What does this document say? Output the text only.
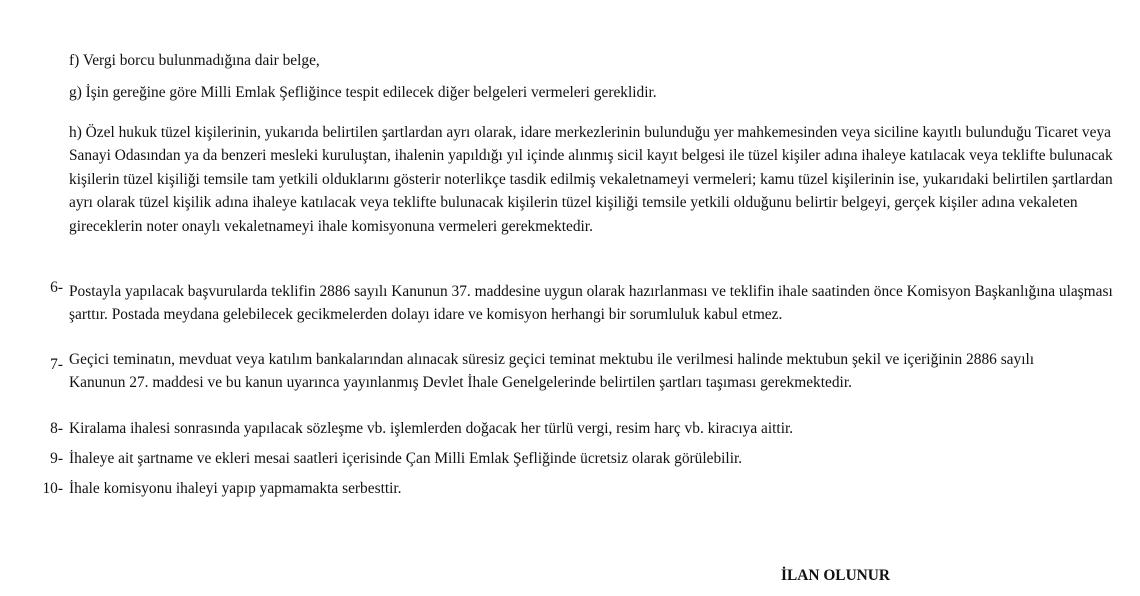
f) Vergi borcu bulunmadığına dair belge,

g) İşin gereğine göre Milli Emlak Şefliğince tespit edilecek diğer belgeleri vermeleri gereklidir.

h) Özel hukuk tüzel kişilerinin, yukarıda belirtilen şartlardan ayrı olarak, idare merkezlerinin bulunduğu yer mahkemesinden veya siciline kayıtlı bulunduğu Ticaret veya Sanayi Odasından ya da benzeri mesleki kuruluştan, ihalenin yapıldığı yıl içinde alınmış sicil kayıt belgesi ile tüzel kişiler adına ihaleye katılacak veya teklifte bulunacak kişilerin tüzel kişiliği temsile tam yetkili olduklarını gösterir noterlikçe tasdik edilmiş vekaletnameyi vermeleri; kamu tüzel kişilerinin ise, yukarıdaki belirtilen şartlardan ayrı olarak tüzel kişilik adına ihaleye katılacak veya teklifte bulunacak kişilerin tüzel kişiliği temsile yetkili olduğunu belirtir belgeyi, gerçek kişiler adına vekaleten gireceklerin noter onaylı vekaletnameyi ihale komisyonuna vermeleri gerekmektedir.

6- Postayla yapılacak başvurularda teklifin 2886 sayılı Kanunun 37. maddesine uygun olarak hazırlanması ve teklifin ihale saatinden önce Komisyon Başkanlığına ulaşması şarttır. Postada meydana gelebilecek gecikmelerden dolayı idare ve komisyon herhangi bir sorumluluk kabul etmez.

7- Geçici teminatın, mevduat veya katılım bankalarından alınacak süresiz geçici teminat mektubu ile verilmesi halinde mektubun şekil ve içeriğinin 2886 sayılı Kanunun 27. maddesi ve bu kanun uyarınca yayınlanmış Devlet İhale Genelgelerinde belirtilen şartları taşıması gerekmektedir.

8- Kiralama ihalesi sonrasında yapılacak sözleşme vb. işlemlerden doğacak her türlü vergi, resim harç vb. kiracıya aittir.

9- İhaleye ait şartname ve ekleri mesai saatleri içerisinde Çan Milli Emlak Şefliğinde ücretsiz olarak görülebilir.

10- İhale komisyonu ihaleyi yapıp yapmamakta serbesttir.

İLAN OLUNUR
